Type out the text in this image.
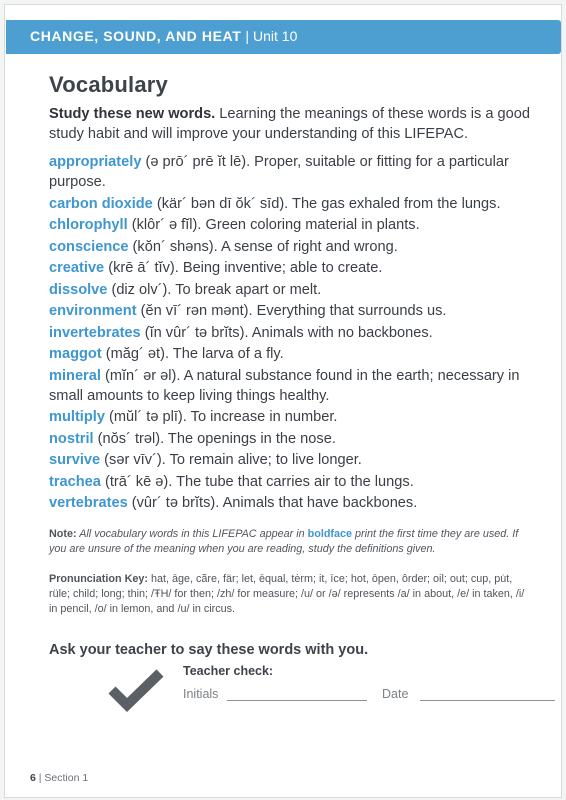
CHANGE, SOUND, AND HEAT | Unit 10
Vocabulary
Study these new words. Learning the meanings of these words is a good study habit and will improve your understanding of this LIFEPAC.
appropriately (ə prō´ prē ĭt lē). Proper, suitable or fitting for a particular purpose.
carbon dioxide (kär´ bən dī ŏk´ sīd). The gas exhaled from the lungs.
chlorophyll (klôr´ ə fĭl). Green coloring material in plants.
conscience (kŏn´ shəns). A sense of right and wrong.
creative (krē ā´ tĭv). Being inventive; able to create.
dissolve (diz olv´). To break apart or melt.
environment (ĕn vī´ rən mənt). Everything that surrounds us.
invertebrates (ĭn vûr´ tə brĭts). Animals with no backbones.
maggot (măg´ ət). The larva of a fly.
mineral (mĭn´ ər əl). A natural substance found in the earth; necessary in small amounts to keep living things healthy.
multiply (mŭl´ tə plī). To increase in number.
nostril (nŏs´ trəl). The openings in the nose.
survive (sər vīv´). To remain alive; to live longer.
trachea (trā´ kē ə). The tube that carries air to the lungs.
vertebrates (vûr´ tə brĭts). Animals that have backbones.
Note: All vocabulary words in this LIFEPAC appear in boldface print the first time they are used. If you are unsure of the meaning when you are reading, study the definitions given.
Pronunciation Key: hat, āge, cãre, fär; let, ēqual, tėrm; it, īce; hot, ōpen, ôrder; oil; out; cup, pu̇t, rüle; child; long; thin; /ŦH/ for then; /zh/ for measure; /u/ or /ə/ represents /a/ in about, /e/ in taken, /i/ in pencil, /o/ in lemon, and /u/ in circus.
Ask your teacher to say these words with you.
Teacher check:
Initials	Date
6 | Section 1
